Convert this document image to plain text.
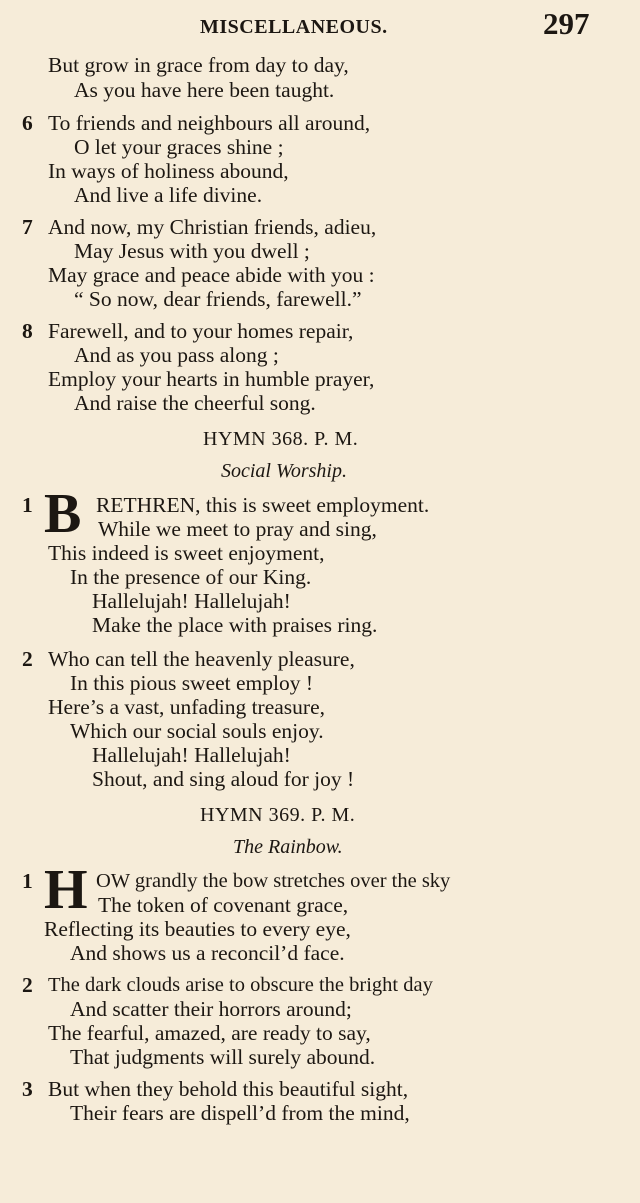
MISCELLANEOUS.	297
But grow in grace from day to day,
As you have here been taught.
6 To friends and neighbours all around,
O let your graces shine ;
In ways of holiness abound,
And live a life divine.
7 And now, my Christian friends, adieu,
May Jesus with you dwell ;
May grace and peace abide with you :
“ So now, dear friends, farewell.”
8 Farewell, and to your homes repair,
And as you pass along ;
Employ your hearts in humble prayer,
And raise the cheerful song.
HYMN 368. P. M.
Social Worship.
1 B RETHREN, this is sweet employment.
While we meet to pray and sing,
This indeed is sweet enjoyment,
In the presence of our King.
Hallelujah! Hallelujah!
Make the place with praises ring.
2 Who can tell the heavenly pleasure,
In this pious sweet employ !
Here’s a vast, unfading treasure,
Which our social souls enjoy.
Hallelujah! Hallelujah!
Shout, and sing aloud for joy !
HYMN 369. P. M.
The Rainbow.
1 H OW grandly the bow stretches over the sky
The token of covenant grace,
Reflecting its beauties to every eye,
And shows us a reconcil’d face.
2 The dark clouds arise to obscure the bright day
And scatter their horrors around;
The fearful, amazed, are ready to say,
That judgments will surely abound.
3 But when they behold this beautiful sight,
Their fears are dispell’d from the mind,
